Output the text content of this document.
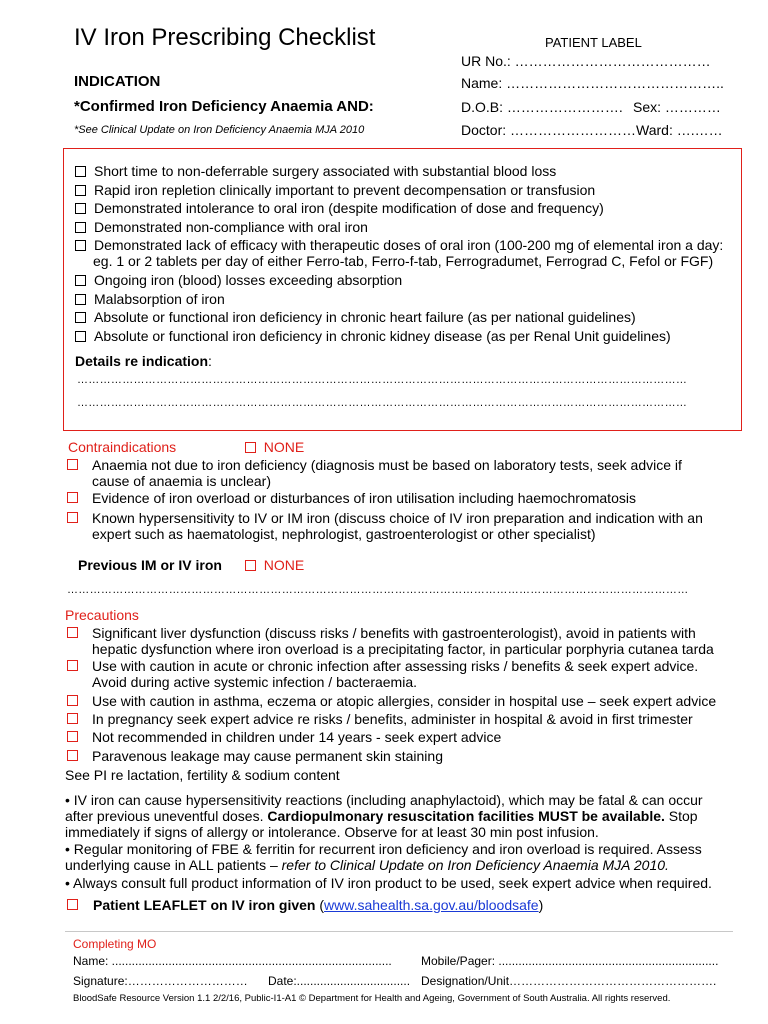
IV Iron Prescribing Checklist	PATIENT LABEL
UR No.: ……………………………………
Name: ………………………………………..
D.O.B: ……………………. Sex: …………
Doctor: ………………………Ward: ….……
INDICATION
*Confirmed Iron Deficiency Anaemia AND:
*See Clinical Update on Iron Deficiency Anaemia MJA 2010
Short time to non-deferrable surgery associated with substantial blood loss
Rapid iron repletion clinically important to prevent decompensation or transfusion
Demonstrated intolerance to oral iron (despite modification of dose and frequency)
Demonstrated non-compliance with oral iron
Demonstrated lack of efficacy with therapeutic doses of oral iron (100-200 mg of elemental iron a day:
eg. 1 or 2 tablets per day of either Ferro-tab, Ferro-f-tab, Ferrogradumet, Ferrograd C, Fefol or FGF)
Ongoing iron (blood) losses exceeding absorption
Malabsorption of iron
Absolute or functional iron deficiency in chronic heart failure (as per national guidelines)
Absolute or functional iron deficiency in chronic kidney disease (as per Renal Unit guidelines)
Details re indication:
………………………………………………………………………………………………………………………………………………
………………………………………………………………………………………………………………………………………………
Contraindications	NONE
Anaemia not due to iron deficiency (diagnosis must be based on laboratory tests, seek advice if
cause of anaemia is unclear)
Evidence of iron overload or disturbances of iron utilisation including haemochromatosis
Known hypersensitivity to IV or IM iron (discuss choice of IV iron preparation and indication with an
expert such as haematologist, nephrologist, gastroenterologist or other specialist)
Previous IM or IV iron	NONE
…………………………………………………………………………………………………………………………………………………
Precautions
Significant liver dysfunction (discuss risks / benefits with gastroenterologist), avoid in patients with
hepatic dysfunction where iron overload is a precipitating factor, in particular porphyria cutanea tarda
Use with caution in acute or chronic infection after assessing risks / benefits & seek expert advice.
Avoid during active systemic infection / bacteraemia.
Use with caution in asthma, eczema or atopic allergies, consider in hospital use – seek expert advice
In pregnancy seek expert advice re risks / benefits, administer in hospital & avoid in first trimester
Not recommended in children under 14 years - seek expert advice
Paravenous leakage may cause permanent skin staining
See PI re lactation, fertility & sodium content
• IV iron can cause hypersensitivity reactions (including anaphylactoid), which may be fatal & can occur
after previous uneventful doses. Cardiopulmonary resuscitation facilities MUST be available. Stop
immediately if signs of allergy or intolerance. Observe for at least 30 min post infusion.
• Regular monitoring of FBE & ferritin for recurrent iron deficiency and iron overload is required. Assess
underlying cause in ALL patients – refer to Clinical Update on Iron Deficiency Anaemia MJA 2010.
• Always consult full product information of IV iron product to be used, seek expert advice when required.
Patient LEAFLET on IV iron given (www.sahealth.sa.gov.au/bloodsafe)
Completing MO
Name: .................................................................................... Mobile/Pager: ..................................................................
Signature:………………………… Date:.................................. Designation/Unit…………………………………………….
BloodSafe Resource Version 1.1 2/2/16, Public-I1-A1 © Department for Health and Ageing, Government of South Australia. All rights reserved.
